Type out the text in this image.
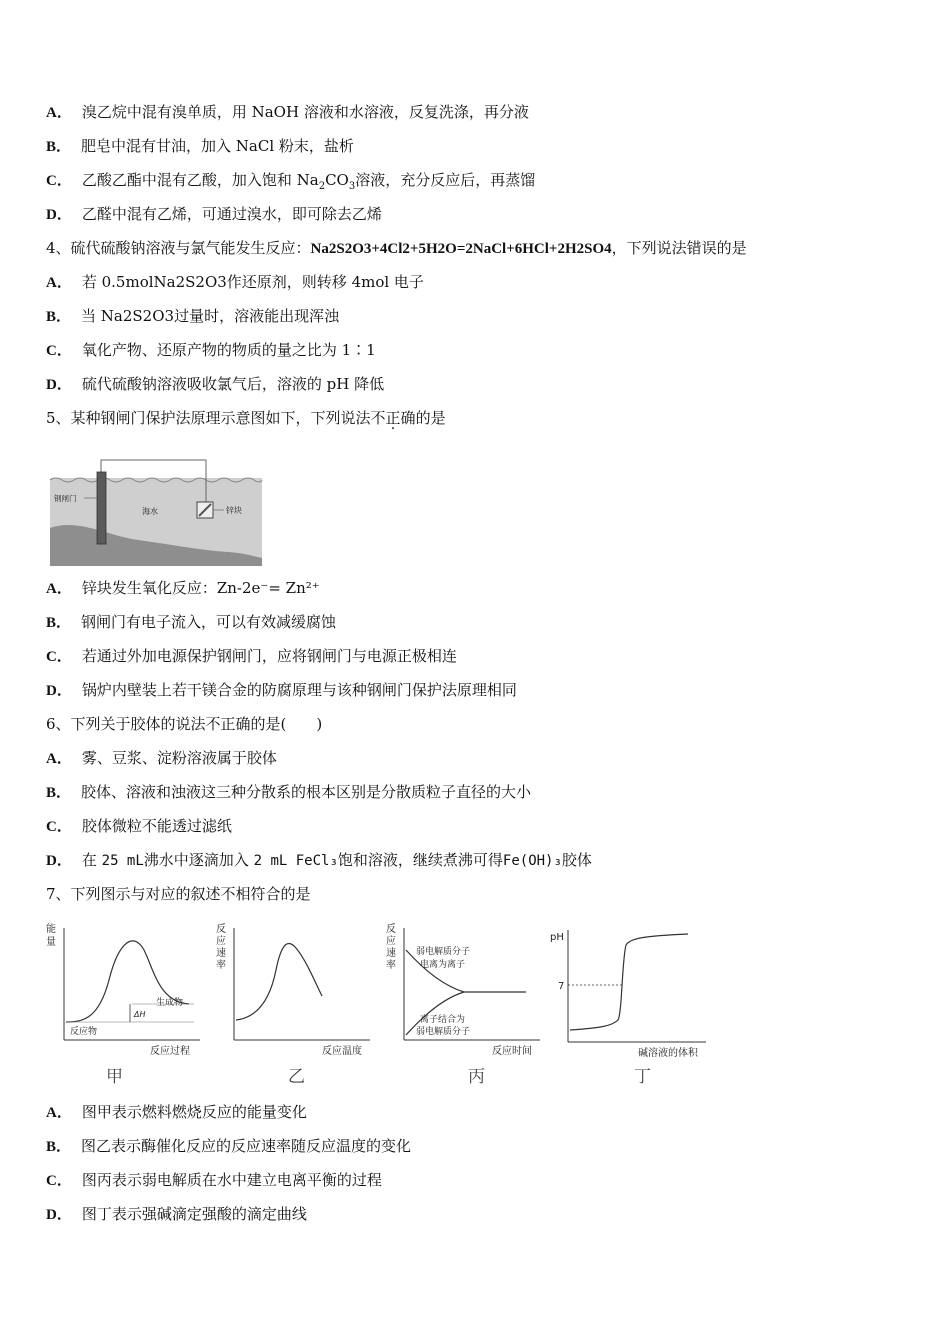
A． 溴乙烷中混有溴单质，用 NaOH 溶液和水溶液，反复洗涤，再分液
B． 肥皂中混有甘油，加入 NaCl 粉末，盐析
C． 乙酸乙酯中混有乙酸，加入饱和 $Na_2CO_3$溶液，充分反应后，再蒸馏
D． 乙醛中混有乙烯，可通过溴水，即可除去乙烯
4、硫代硫酸钠溶液与氯气能发生反应：Na2S2O3+4Cl2+5H2O=2NaCl+6HCl+2H2SO4，下列说法错误的是
A． 若 0.5molNa2S2O3作还原剂，则转移 4mol 电子
B． 当 Na2S2O3过量时，溶液能出现浑浊
C． 氧化产物、还原产物的物质的量之比为 1∶1
D． 硫代硫酸钠溶液吸收氯气后，溶液的 pH 降低
5、某种钢闸门保护法原理示意图如下，下列说法不正确的是
钢闸门
海水	锌块
A． 锌块发生氧化反应：Zn-2e⁻= Zn²⁺
B． 钢闸门有电子流入，可以有效减缓腐蚀
C． 若通过外加电源保护钢闸门，应将钢闸门与电源正极相连
D． 锅炉内壁装上若干镁合金的防腐原理与该种钢闸门保护法原理相同
6、下列关于胶体的说法不正确的是(　　)
A． 雾、豆浆、淀粉溶液属于胶体
B． 胶体、溶液和浊液这三种分散系的根本区别是分散质粒子直径的大小
C． 胶体微粒不能透过滤纸
D． 在 25 mL沸水中逐滴加入 2 mL FeCl₃饱和溶液，继续煮沸可得Fe(OH)₃胶体
7、下列图示与对应的叙述不相符合的是
能
量
ΔH
生成物
反应物
反应过程
甲
反
应
速
率
反应温度
乙
反
应
速
率
弱电解质分子
电离为离子
离子结合为
弱电解质分子
反应时间
丙
pH
7
碱溶液的体积
丁
A． 图甲表示燃料燃烧反应的能量变化
B． 图乙表示酶催化反应的反应速率随反应温度的变化
C． 图丙表示弱电解质在水中建立电离平衡的过程
D． 图丁表示强碱滴定强酸的滴定曲线
